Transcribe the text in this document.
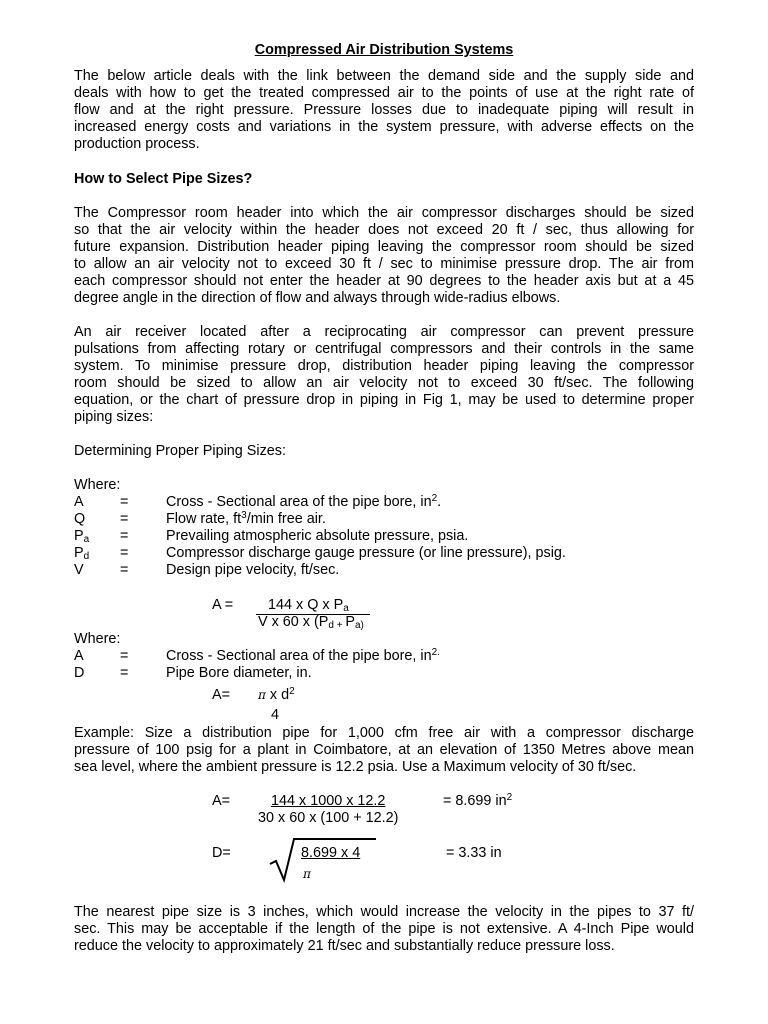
Compressed Air Distribution Systems

The below article deals with the link between the demand side and the supply side and
deals with how to get the treated compressed air to the points of use at the right rate of
flow and at the right pressure. Pressure losses due to inadequate piping will result in
increased energy costs and variations in the system pressure, with adverse effects on the
production process.

How to Select Pipe Sizes?

The Compressor room header into which the air compressor discharges should be sized
so that the air velocity within the header does not exceed 20 ft / sec, thus allowing for
future expansion. Distribution header piping leaving the compressor room should be sized
to allow an air velocity not to exceed 30 ft / sec to minimise pressure drop. The air from
each compressor should not enter the header at 90 degrees to the header axis but at a 45
degree angle in the direction of flow and always through wide-radius elbows.

An air receiver located after a reciprocating air compressor can prevent pressure
pulsations from affecting rotary or centrifugal compressors and their controls in the same
system. To minimise pressure drop, distribution header piping leaving the compressor
room should be sized to allow an air velocity not to exceed 30 ft/sec. The following
equation, or the chart of pressure drop in piping in Fig 1, may be used to determine proper
piping sizes:

Determining Proper Piping Sizes:
Where:
A	=	Cross - Sectional area of the pipe bore, $in^2$.
Q =	Flow rate, $ft^3/\min$ free air.
$P_a$ =	Prevailing atmospheric absolute pressure, psia.
$P_d$ =	Compressor discharge gauge pressure (or line pressure), psig.
V	=	Design pipe velocity, ft/sec.
A = 144 x Q x $P_a$
V x 60 x ($P_{d +}$ $P_{a)}$
Where:
A	=	Cross - Sectional area of the pipe bore, $in^{2.}$
D =	Pipe Bore diameter, in.
A= π x $d^2$
4

Example: Size a distribution pipe for 1,000 cfm free air with a compressor discharge
pressure of 100 psig for a plant in Coimbatore, at an elevation of 1350 Metres above mean
sea level, where the ambient pressure is 12.2 psia. Use a Maximum velocity of 30 ft/sec.

A=	144 x 1000 x 12.2
30 x 60 x (100 + 12.2)
= 8.699 $in^2$
D=	8.699 x 4
π
= 3.33 in

The nearest pipe size is 3 inches, which would increase the velocity in the pipes to 37 ft/
sec. This may be acceptable if the length of the pipe is not extensive. A 4-Inch Pipe would
reduce the velocity to approximately 21 ft/sec and substantially reduce pressure loss.
